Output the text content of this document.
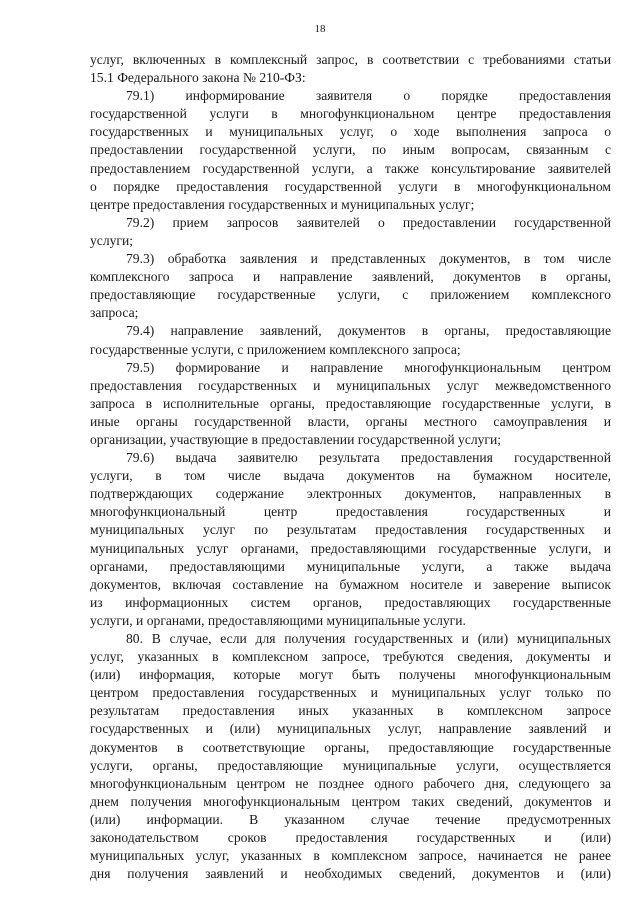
18
услуг, включенных в комплексный запрос, в соответствии с требованиями статьи
15.1 Федерального закона № 210-ФЗ:
79.1) информирование заявителя о порядке предоставления
государственной услуги в многофункциональном центре предоставления
государственных и муниципальных услуг, о ходе выполнения запроса о
предоставлении государственной услуги, по иным вопросам, связанным с
предоставлением государственной услуги, а также консультирование заявителей
о порядке предоставления государственной услуги в многофункциональном
центре предоставления государственных и муниципальных услуг;
79.2) прием запросов заявителей о предоставлении государственной
услуги;
79.3) обработка заявления и представленных документов, в том числе
комплексного запроса и направление заявлений, документов в органы,
предоставляющие государственные услуги, с приложением комплексного
запроса;
79.4) направление заявлений, документов в органы, предоставляющие
государственные услуги, с приложением комплексного запроса;
79.5) формирование и направление многофункциональным центром
предоставления государственных и муниципальных услуг межведомственного
запроса в исполнительные органы, предоставляющие государственные услуги, в
иные органы государственной власти, органы местного самоуправления и
организации, участвующие в предоставлении государственной услуги;
79.6) выдача заявителю результата предоставления государственной
услуги, в том числе выдача документов на бумажном носителе,
подтверждающих содержание электронных документов, направленных в
многофункциональный центр предоставления государственных и
муниципальных услуг по результатам предоставления государственных и
муниципальных услуг органами, предоставляющими государственные услуги, и
органами, предоставляющими муниципальные услуги, а также выдача
документов, включая составление на бумажном носителе и заверение выписок
из информационных систем органов, предоставляющих государственные
услуги, и органами, предоставляющими муниципальные услуги.
80. В случае, если для получения государственных и (или) муниципальных
услуг, указанных в комплексном запросе, требуются сведения, документы и
(или) информация, которые могут быть получены многофункциональным
центром предоставления государственных и муниципальных услуг только по
результатам предоставления иных указанных в комплексном запросе
государственных и (или) муниципальных услуг, направление заявлений и
документов в соответствующие органы, предоставляющие государственные
услуги, органы, предоставляющие муниципальные услуги, осуществляется
многофункциональным центром не позднее одного рабочего дня, следующего за
днем получения многофункциональным центром таких сведений, документов и
(или) информации. В указанном случае течение предусмотренных
законодательством сроков предоставления государственных и (или)
муниципальных услуг, указанных в комплексном запросе, начинается не ранее
дня получения заявлений и необходимых сведений, документов и (или)
